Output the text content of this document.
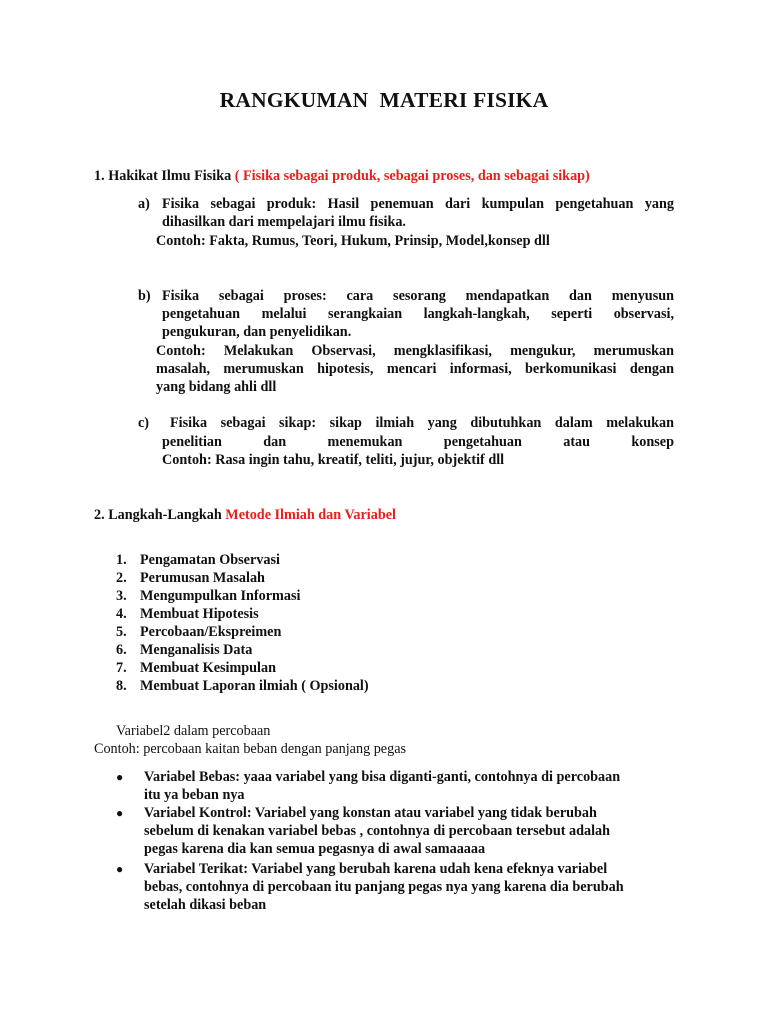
RANGKUMAN  MATERI FISIKA
1. Hakikat Ilmu Fisika ( Fisika sebagai produk, sebagai proses, dan sebagai sikap)
a) Fisika sebagai produk: Hasil penemuan dari kumpulan pengetahuan yang
dihasilkan dari mempelajari ilmu fisika.
Contoh: Fakta, Rumus, Teori, Hukum, Prinsip, Model,konsep dll
b) Fisika sebagai proses: cara sesorang mendapatkan dan menyusun
pengetahuan melalui serangkaian langkah-langkah, seperti observasi,
pengukuran, dan penyelidikan.
Contoh: Melakukan Observasi, mengklasifikasi, mengukur, merumuskan
masalah, merumuskan hipotesis, mencari informasi, berkomunikasi dengan
yang bidang ahli dll
c) Fisika sebagai sikap: sikap ilmiah yang dibutuhkan dalam melakukan
penelitian dan menemukan pengetahuan atau konsep
Contoh: Rasa ingin tahu, kreatif, teliti, jujur, objektif dll
2. Langkah-Langkah Metode Ilmiah dan Variabel
1. Pengamatan Observasi
2. Perumusan Masalah
3. Mengumpulkan Informasi
4. Membuat Hipotesis
5. Percobaan/Ekspreimen
6. Menganalisis Data
7. Membuat Kesimpulan
8. Membuat Laporan ilmiah ( Opsional)
Variabel2 dalam percobaan
Contoh: percobaan kaitan beban dengan panjang pegas
● Variabel Bebas: yaaa variabel yang bisa diganti-ganti, contohnya di percobaan
itu ya beban nya
● Variabel Kontrol: Variabel yang konstan atau variabel yang tidak berubah
sebelum di kenakan variabel bebas , contohnya di percobaan tersebut adalah
pegas karena dia kan semua pegasnya di awal samaaaaa
● Variabel Terikat: Variabel yang berubah karena udah kena efeknya variabel
bebas, contohnya di percobaan itu panjang pegas nya yang karena dia berubah
setelah dikasi beban
